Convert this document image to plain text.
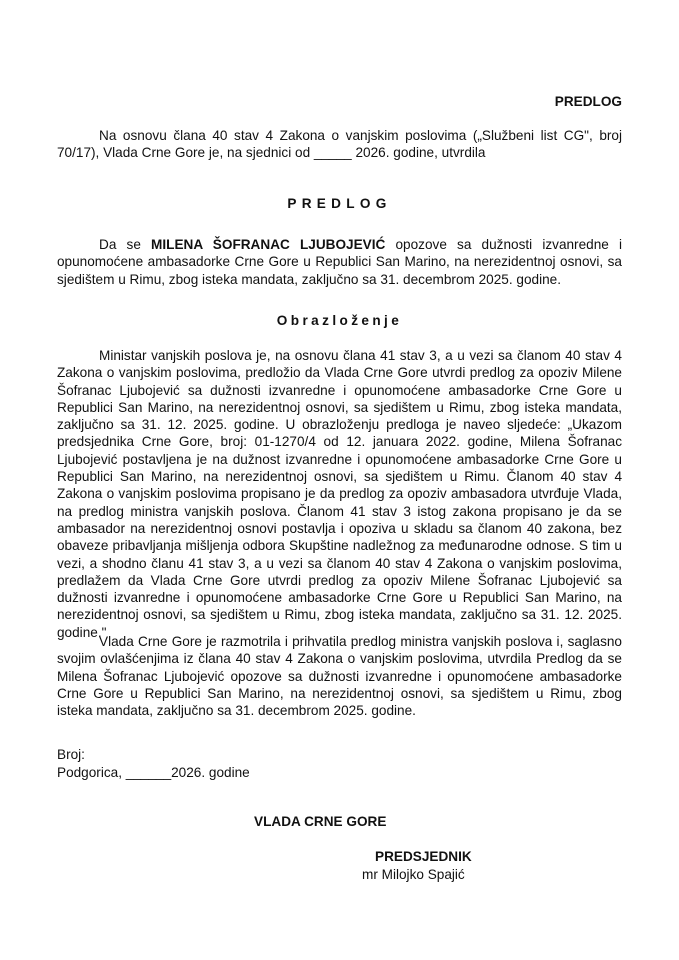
PREDLOG
Na osnovu člana 40 stav 4 Zakona o vanjskim poslovima („Službeni list CG", broj 70/17), Vlada Crne Gore je, na sjednici od _____ 2026. godine, utvrdila
PREDLOG
Da se MILENA ŠOFRANAC LJUBOJEVIĆ opozove sa dužnosti izvanredne i opunomoćene ambasadorke Crne Gore u Republici San Marino, na nerezidentnoj osnovi, sa sjedištem u Rimu, zbog isteka mandata, zaključno sa 31. decembrom 2025. godine.
Obrazloženje
Ministar vanjskih poslova je, na osnovu člana 41 stav 3, a u vezi sa članom 40 stav 4 Zakona o vanjskim poslovima, predložio da Vlada Crne Gore utvrdi predlog za opoziv Milene Šofranac Ljubojević sa dužnosti izvanredne i opunomoćene ambasadorke Crne Gore u Republici San Marino, na nerezidentnoj osnovi, sa sjedištem u Rimu, zbog isteka mandata, zaključno sa 31. 12. 2025. godine. U obrazloženju predloga je naveo sljedeće: „Ukazom predsjednika Crne Gore, broj: 01-1270/4 od 12. januara 2022. godine, Milena Šofranac Ljubojević postavljena je na dužnost izvanredne i opunomoćene ambasadorke Crne Gore u Republici San Marino, na nerezidentnoj osnovi, sa sjedištem u Rimu. Članom 40 stav 4 Zakona o vanjskim poslovima propisano je da predlog za opoziv ambasadora utvrđuje Vlada, na predlog ministra vanjskih poslova. Članom 41 stav 3 istog zakona propisano je da se ambasador na nerezidentnoj osnovi postavlja i opoziva u skladu sa članom 40 zakona, bez obaveze pribavljanja mišljenja odbora Skupštine nadležnog za međunarodne odnose. S tim u vezi, a shodno članu 41 stav 3, a u vezi sa članom 40 stav 4 Zakona o vanjskim poslovima, predlažem da Vlada Crne Gore utvrdi predlog za opoziv Milene Šofranac Ljubojević sa dužnosti izvanredne i opunomoćene ambasadorke Crne Gore u Republici San Marino, na nerezidentnoj osnovi, sa sjedištem u Rimu, zbog isteka mandata, zaključno sa 31. 12. 2025. godine."
Vlada Crne Gore je razmotrila i prihvatila predlog ministra vanjskih poslova i, saglasno svojim ovlašćenjima iz člana 40 stav 4 Zakona o vanjskim poslovima, utvrdila Predlog da se Milena Šofranac Ljubojević opozove sa dužnosti izvanredne i opunomoćene ambasadorke Crne Gore u Republici San Marino, na nerezidentnoj osnovi, sa sjedištem u Rimu, zbog isteka mandata, zaključno sa 31. decembrom 2025. godine.
Broj:
Podgorica, ______2026. godine
VLADA CRNE GORE
PREDSJEDNIK
mr Milojko Spajić
